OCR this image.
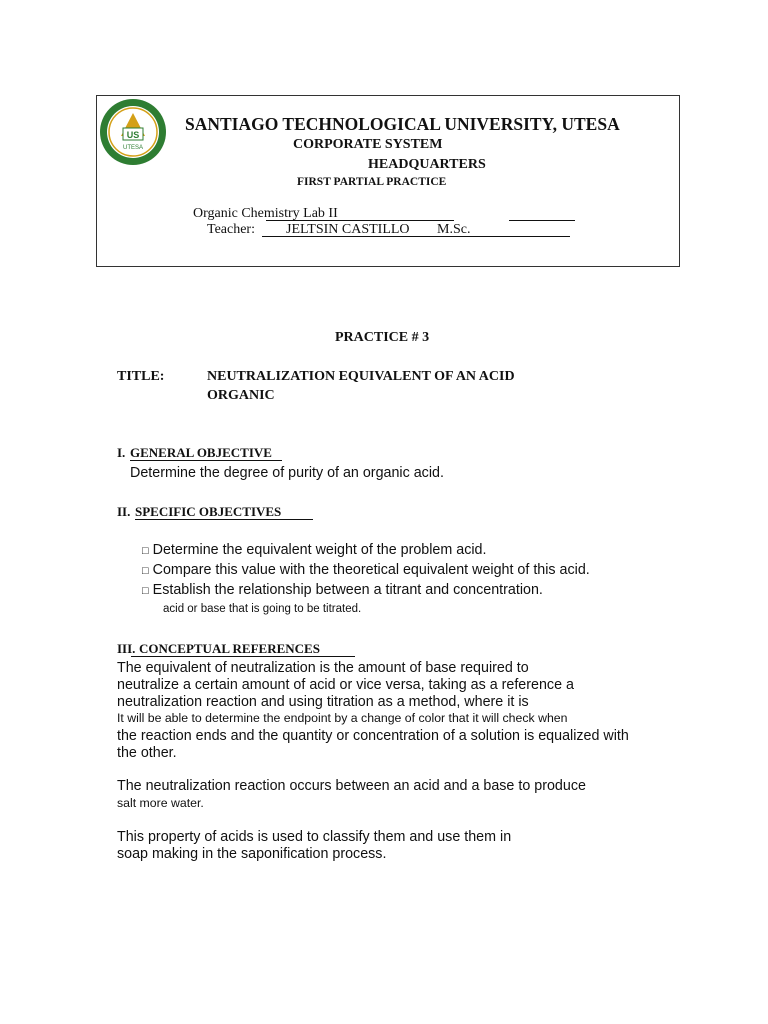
US
UTESA
SANTIAGO TECHNOLOGICAL UNIVERSITY, UTESA
CORPORATE SYSTEM
HEADQUARTERS
FIRST PARTIAL PRACTICE
Organic Chemistry Lab II
Teacher: JELTSIN CASTILLO M.Sc.
PRACTICE # 3
TITLE:	NEUTRALIZATION EQUIVALENT OF AN ACID
ORGANIC
I. GENERAL OBJECTIVE
Determine the degree of purity of an organic acid.
II. SPECIFIC OBJECTIVES
□ Determine the equivalent weight of the problem acid.
□ Compare this value with the theoretical equivalent weight of this acid.
□ Establish the relationship between a titrant and concentration.
acid or base that is going to be titrated.
III. CONCEPTUAL REFERENCES
The equivalent of neutralization is the amount of base required to
neutralize a certain amount of acid or vice versa, taking as a reference a
neutralization reaction and using titration as a method, where it is
It will be able to determine the endpoint by a change of color that it will check when
the reaction ends and the quantity or concentration of a solution is equalized with
the other.
The neutralization reaction occurs between an acid and a base to produce
salt more water.
This property of acids is used to classify them and use them in
soap making in the saponification process.
